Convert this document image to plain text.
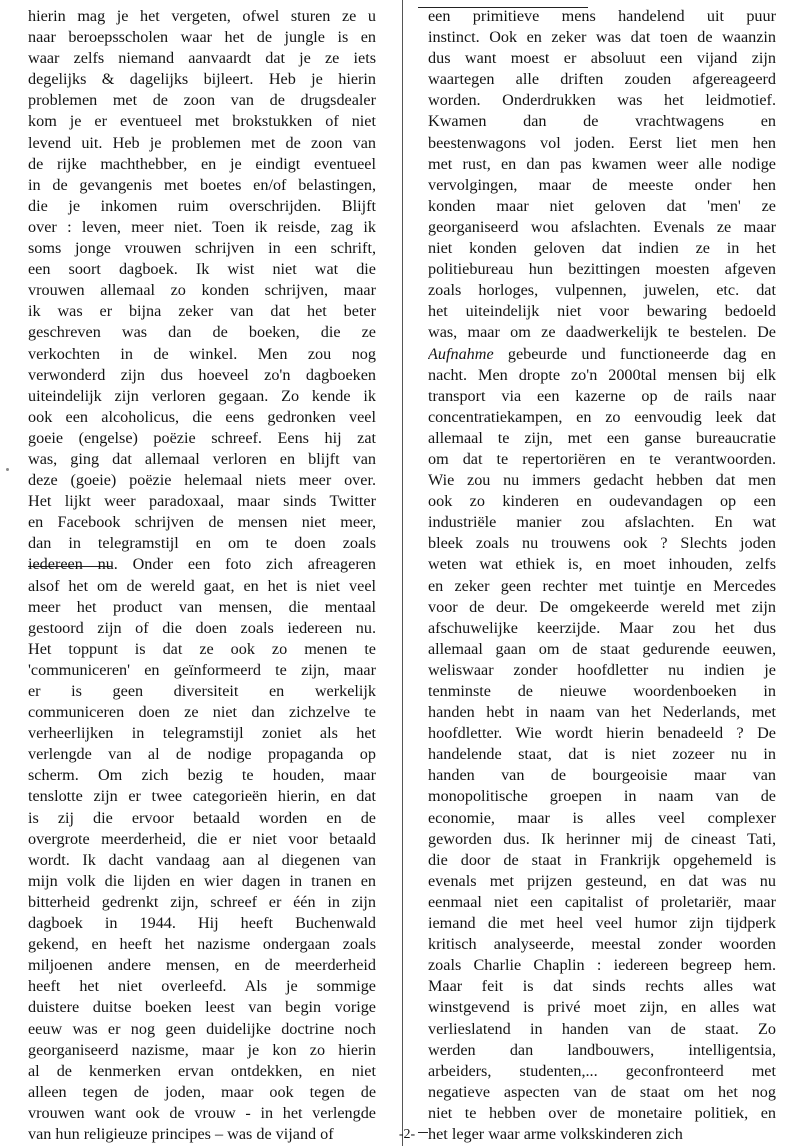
hierin mag je het vergeten, ofwel sturen ze u
naar beroepsscholen waar het de jungle is en
waar zelfs niemand aanvaardt dat je ze iets
degelijks & dagelijks bijleert. Heb je hierin
problemen met de zoon van de drugsdealer
kom je er eventueel met brokstukken of niet
levend uit. Heb je problemen met de zoon van
de rijke machthebber, en je eindigt eventueel
in de gevangenis met boetes en/of belastingen,
die je inkomen ruim overschrijden. Blijft
over : leven, meer niet. Toen ik reisde, zag ik
soms jonge vrouwen schrijven in een schrift,
een soort dagboek. Ik wist niet wat die
vrouwen allemaal zo konden schrijven, maar
ik was er bijna zeker van dat het beter
geschreven was dan de boeken, die ze
verkochten in de winkel. Men zou nog
verwonderd zijn dus hoeveel zo'n dagboeken
uiteindelijk zijn verloren gegaan. Zo kende ik
ook een alcoholicus, die eens gedronken veel
goeie (engelse) poëzie schreef. Eens hij zat
was, ging dat allemaal verloren en blijft van
deze (goeie) poëzie helemaal niets meer over.
Het lijkt weer paradoxaal, maar sinds Twitter
en Facebook schrijven de mensen niet meer,
dan in telegramstijl en om te doen zoals
iedereen nu. Onder een foto zich afreageren
alsof het om de wereld gaat, en het is niet veel
meer het product van mensen, die mentaal
gestoord zijn of die doen zoals iedereen nu.
Het toppunt is dat ze ook zo menen te
'communiceren' en geïnformeerd te zijn, maar
er is geen diversiteit en werkelijk
communiceren doen ze niet dan zichzelve te
verheerlijken in telegramstijl zoniet als het
verlengde van al de nodige propaganda op
scherm. Om zich bezig te houden, maar
tenslotte zijn er twee categorieën hierin, en dat
is zij die ervoor betaald worden en de
overgrote meerderheid, die er niet voor betaald
wordt. Ik dacht vandaag aan al diegenen van
mijn volk die lijden en wier dagen in tranen en
bitterheid gedrenkt zijn, schreef er één in zijn
dagboek in 1944. Hij heeft Buchenwald
gekend, en heeft het nazisme ondergaan zoals
miljoenen andere mensen, en de meerderheid
heeft het niet overleefd. Als je sommige
duistere duitse boeken leest van begin vorige
eeuw was er nog geen duidelijke doctrine noch
georganiseerd nazisme, maar je kon zo hierin
al de kenmerken ervan ontdekken, en niet
alleen tegen de joden, maar ook tegen de
vrouwen want ook de vrouw - in het verlengde
van hun religieuze principes – was de vijand of
een primitieve mens handelend uit puur
instinct. Ook en zeker was dat toen de waanzin
dus want moest er absoluut een vijand zijn
waartegen alle driften zouden afgereageerd
worden. Onderdrukken was het leidmotief.
Kwamen dan de vrachtwagens en
beestenwagons vol joden. Eerst liet men hen
met rust, en dan pas kwamen weer alle nodige
vervolgingen, maar de meeste onder hen
konden maar niet geloven dat 'men' ze
georganiseerd wou afslachten. Evenals ze maar
niet konden geloven dat indien ze in het
politiebureau hun bezittingen moesten afgeven
zoals horloges, vulpennen, juwelen, etc. dat
het uiteindelijk niet voor bewaring bedoeld
was, maar om ze daadwerkelijk te bestelen. De
Aufnahme gebeurde und functioneerde dag en
nacht. Men dropte zo'n 2000tal mensen bij elk
transport via een kazerne op de rails naar
concentratiekampen, en zo eenvoudig leek dat
allemaal te zijn, met een ganse bureaucratie
om dat te repertoriëren en te verantwoorden.
Wie zou nu immers gedacht hebben dat men
ook zo kinderen en oudevandagen op een
industriële manier zou afslachten. En wat
bleek zoals nu trouwens ook ? Slechts joden
weten wat ethiek is, en moet inhouden, zelfs
en zeker geen rechter met tuintje en Mercedes
voor de deur. De omgekeerde wereld met zijn
afschuwelijke keerzijde. Maar zou het dus
allemaal gaan om de staat gedurende eeuwen,
weliswaar zonder hoofdletter nu indien je
tenminste de nieuwe woordenboeken in
handen hebt in naam van het Nederlands, met
hoofdletter. Wie wordt hierin benadeeld ? De
handelende staat, dat is niet zozeer nu in
handen van de bourgeoisie maar van
monopolitische groepen in naam van de
economie, maar is alles veel complexer
geworden dus. Ik herinner mij de cineast Tati,
die door de staat in Frankrijk opgehemeld is
evenals met prijzen gesteund, en dat was nu
eenmaal niet een capitalist of proletariër, maar
iemand die met heel veel humor zijn tijdperk
kritisch analyseerde, meestal zonder woorden
zoals Charlie Chaplin : iedereen begreep hem.
Maar feit is dat sinds rechts alles wat
winstgevend is privé moet zijn, en alles wat
verlieslatend in handen van de staat. Zo
werden dan landbouwers, intelligentsia,
arbeiders, studenten,... geconfronteerd met
negatieve aspecten van de staat om het nog
niet te hebben over de monetaire politiek, en
het leger waar arme volkskinderen zich
-2-
